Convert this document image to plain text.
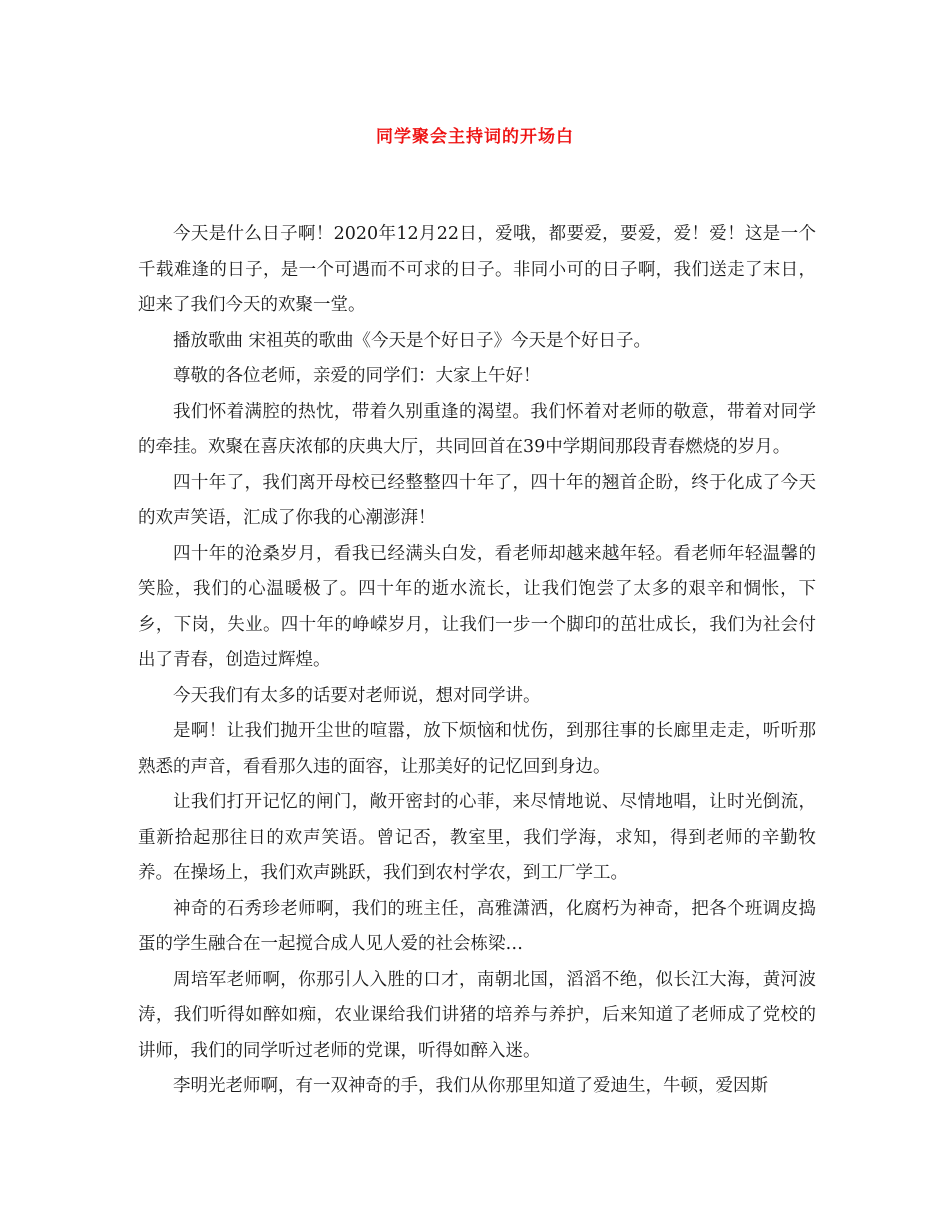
同学聚会主持词的开场白

今天是什么日子啊！2020年12月22日，爱哦，都要爱，要爱，爱！爱！这是一个千载难逢的日子，是一个可遇而不可求的日子。非同小可的日子啊，我们送走了末日，迎来了我们今天的欢聚一堂。

播放歌曲 宋祖英的歌曲《今天是个好日子》今天是个好日子。

尊敬的各位老师，亲爱的同学们：大家上午好！

我们怀着满腔的热忱，带着久别重逢的渴望。我们怀着对老师的敬意，带着对同学的牵挂。欢聚在喜庆浓郁的庆典大厅，共同回首在39中学期间那段青春燃烧的岁月。

四十年了，我们离开母校已经整整四十年了，四十年的翘首企盼，终于化成了今天的欢声笑语，汇成了你我的心潮澎湃！

四十年的沧桑岁月，看我已经满头白发，看老师却越来越年轻。看老师年轻温馨的笑脸，我们的心温暖极了。四十年的逝水流长，让我们饱尝了太多的艰辛和惆怅，下乡，下岗，失业。四十年的峥嵘岁月，让我们一步一个脚印的茁壮成长，我们为社会付出了青春，创造过辉煌。

今天我们有太多的话要对老师说，想对同学讲。

是啊！让我们抛开尘世的喧嚣，放下烦恼和忧伤，到那往事的长廊里走走，听听那熟悉的声音，看看那久违的面容，让那美好的记忆回到身边。

让我们打开记忆的闸门，敞开密封的心菲，来尽情地说、尽情地唱，让时光倒流，重新拾起那往日的欢声笑语。曾记否，教室里，我们学海，求知，得到老师的辛勤牧养。在操场上，我们欢声跳跃，我们到农村学农，到工厂学工。

神奇的石秀珍老师啊，我们的班主任，高雅潇洒，化腐朽为神奇，把各个班调皮捣蛋的学生融合在一起搅合成人见人爱的社会栋梁…

周培军老师啊，你那引人入胜的口才，南朝北国，滔滔不绝，似长江大海，黄河波涛，我们听得如醉如痴，农业课给我们讲猪的培养与养护，后来知道了老师成了党校的讲师，我们的同学听过老师的党课，听得如醉入迷。

李明光老师啊，有一双神奇的手，我们从你那里知道了爱迪生，牛顿，爱因斯
